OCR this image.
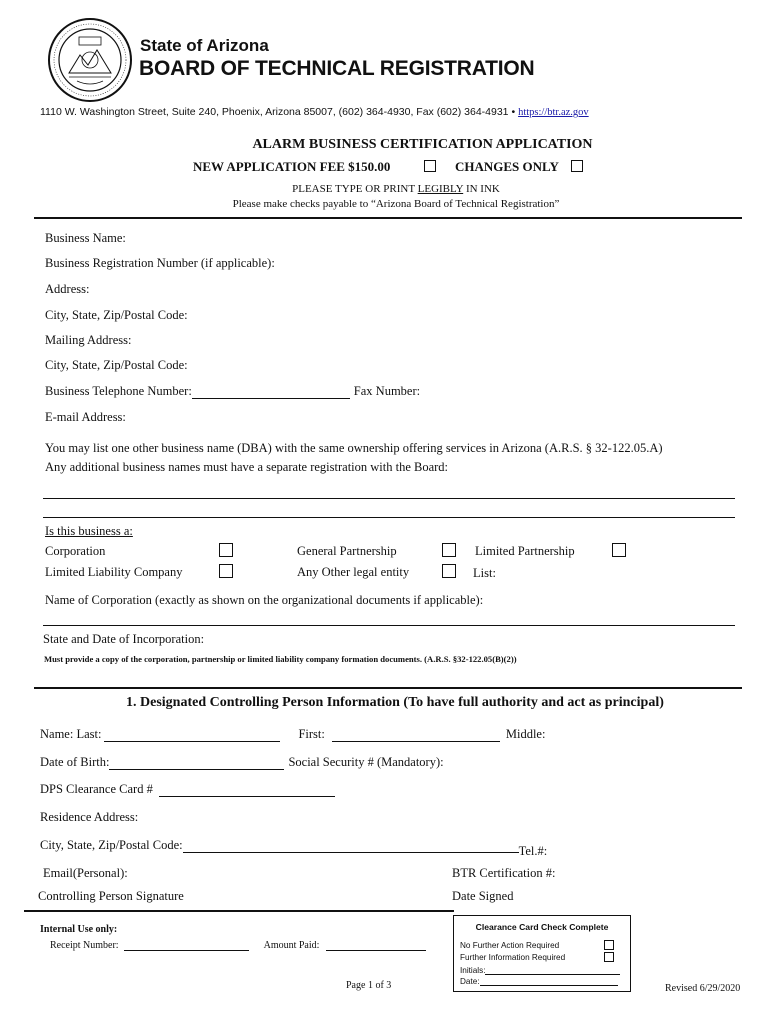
State of Arizona
BOARD OF TECHNICAL REGISTRATION
1110 W. Washington Street, Suite 240, Phoenix, Arizona 85007, (602) 364-4930, Fax (602) 364-4931 • https://btr.az.gov
ALARM BUSINESS CERTIFICATION APPLICATION
NEW APPLICATION FEE $150.00	CHANGES ONLY
PLEASE TYPE OR PRINT LEGIBLY IN INK
Please make checks payable to “Arizona Board of Technical Registration”
Business Name:
Business Registration Number (if applicable):
Address:
City, State, Zip/Postal Code:
Mailing Address:
City, State, Zip/Postal Code:
Business Telephone Number:	Fax Number:
E-mail Address:
You may list one other business name (DBA) with the same ownership offering services in Arizona (A.R.S. § 32-122.05.A)
Any additional business names must have a separate registration with the Board:
Is this business a:
Corporation	General Partnership	Limited Partnership
Limited Liability Company	Any Other legal entity	List:
Name of Corporation (exactly as shown on the organizational documents if applicable):
State and Date of Incorporation:
Must provide a copy of the corporation, partnership or limited liability company formation documents. (A.R.S. §32-122.05(B)(2))
1. Designated Controlling Person Information (To have full authority and act as principal)
Name: Last:	First:	Middle:
Date of Birth:	Social Security # (Mandatory):
DPS Clearance Card #
Residence Address:
City, State, Zip/Postal Code:	Tel.#:
Email(Personal):	BTR Certification #:
Controlling Person Signature	Date Signed
Internal Use only:
Receipt Number:	Amount Paid:
Clearance Card Check Complete
No Further Action Required
Further Information Required
Initials:
Date:
Page 1 of 3	Revised 6/29/2020
